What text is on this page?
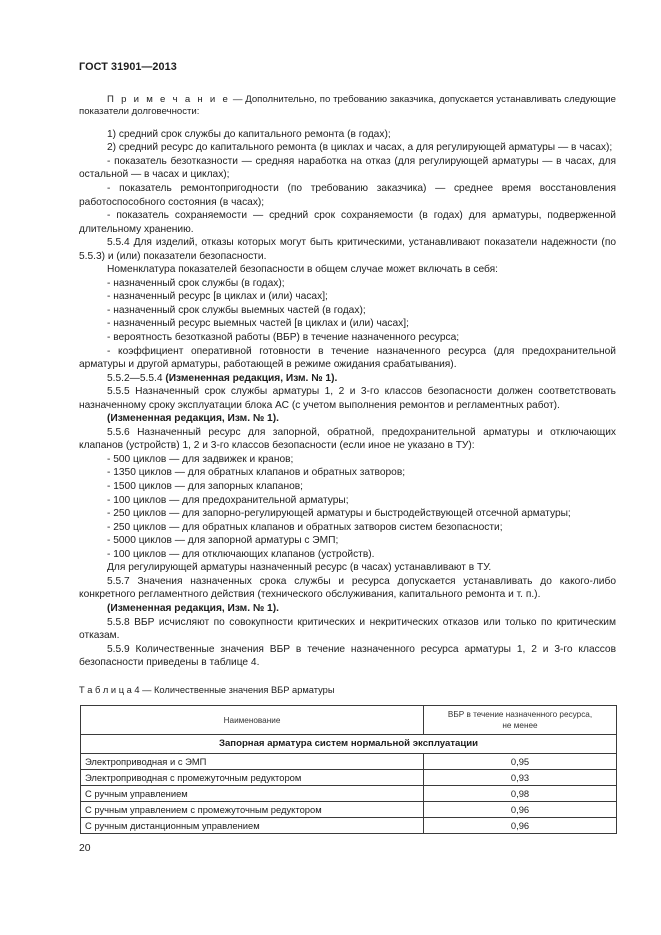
ГОСТ 31901—2013
П р и м е ч а н и е — Дополнительно, по требованию заказчика, допускается устанавливать следующие показатели долговечности:

1) средний срок службы до капитального ремонта (в годах);

2) средний ресурс до капитального ремонта (в циклах и часах, а для регулирующей арматуры — в часах);

- показатель безотказности — средняя наработка на отказ (для регулирующей арматуры — в часах, для остальной — в часах и циклах);

- показатель ремонтопригодности (по требованию заказчика) — среднее время восстановления работоспособного состояния (в часах);

- показатель сохраняемости — средний срок сохраняемости (в годах) для арматуры, подверженной длительному хранению.

5.5.4 Для изделий, отказы которых могут быть критическими, устанавливают показатели надежности (по 5.5.3) и (или) показатели безопасности.

Номенклатура показателей безопасности в общем случае может включать в себя:

- назначенный срок службы (в годах);

- назначенный ресурс [в циклах и (или) часах];

- назначенный срок службы выемных частей (в годах);

- назначенный ресурс выемных частей [в циклах и (или) часах];

- вероятность безотказной работы (ВБР) в течение назначенного ресурса;

- коэффициент оперативной готовности в течение назначенного ресурса (для предохранительной арматуры и другой арматуры, работающей в режиме ожидания срабатывания).

5.5.2—5.5.4 (Измененная редакция, Изм. № 1).

5.5.5 Назначенный срок службы арматуры 1, 2 и 3-го классов безопасности должен соответствовать назначенному сроку эксплуатации блока АС (с учетом выполнения ремонтов и регламентных работ).

(Измененная редакция, Изм. № 1).

5.5.6 Назначенный ресурс для запорной, обратной, предохранительной арматуры и отключающих клапанов (устройств) 1, 2 и 3-го классов безопасности (если иное не указано в ТУ):

- 500 циклов — для задвижек и кранов;

- 1350 циклов — для обратных клапанов и обратных затворов;

- 1500 циклов — для запорных клапанов;

- 100 циклов — для предохранительной арматуры;

- 250 циклов — для запорно-регулирующей арматуры и быстродействующей отсечной арматуры;

- 250 циклов — для обратных клапанов и обратных затворов систем безопасности;

- 5000 циклов — для запорной арматуры с ЭМП;

- 100 циклов — для отключающих клапанов (устройств).

Для регулирующей арматуры назначенный ресурс (в часах) устанавливают в ТУ.

5.5.7 Значения назначенных срока службы и ресурса допускается устанавливать до какого-либо конкретного регламентного действия (технического обслуживания, капитального ремонта и т. п.).

(Измененная редакция, Изм. № 1).

5.5.8 ВБР исчисляют по совокупности критических и некритических отказов или только по критическим отказам.

5.5.9 Количественные значения ВБР в течение назначенного ресурса арматуры 1, 2 и 3-го классов безопасности приведены в таблице 4.

Т а б л и ц а 4 — Количественные значения ВБР арматуры
Наименование	ВБР в течение назначенного ресурса,
не менее
Запорная арматура систем нормальной эксплуатации	
Электроприводная и с ЭМП	0,95
Электроприводная с промежуточным редуктором	0,93
С ручным управлением	0,98
С ручным управлением с промежуточным редуктором	0,96
С ручным дистанционным управлением	0,96
20
